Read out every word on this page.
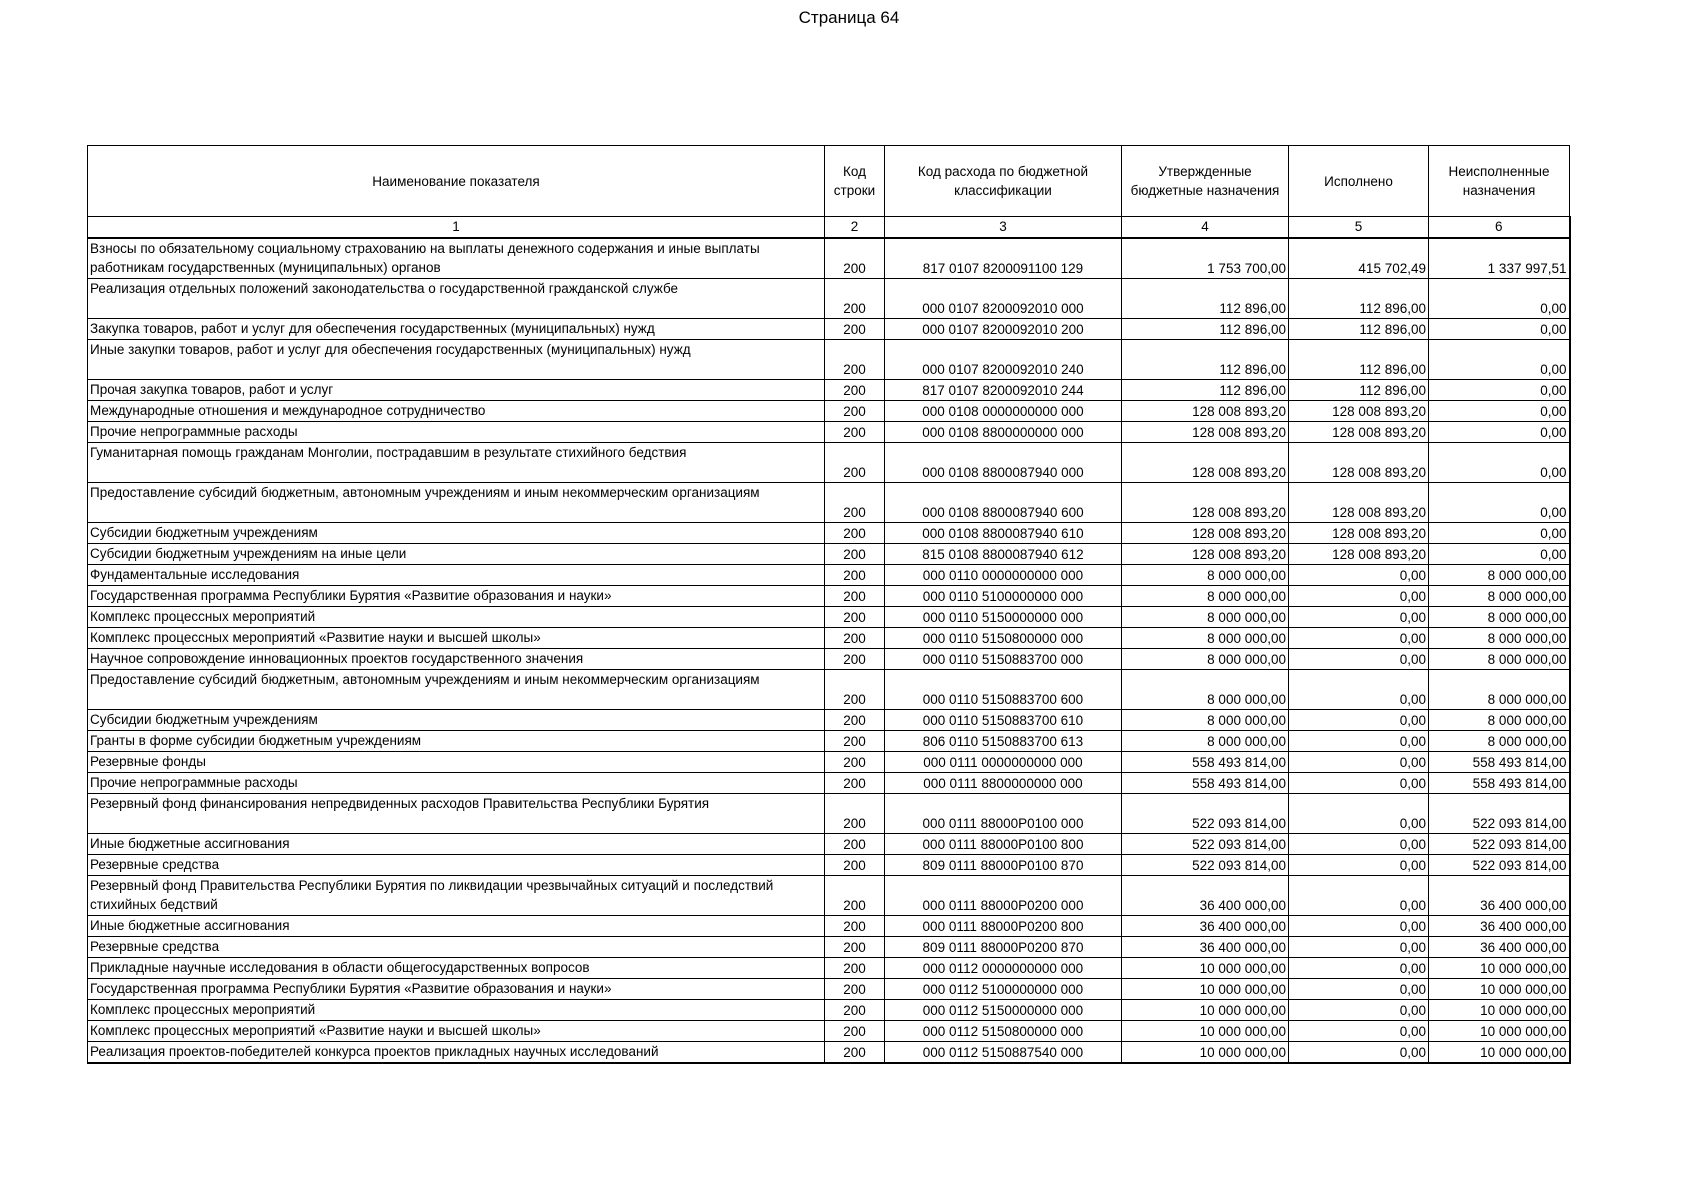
Страница 64
Наименование показателя	Код строки	Код расхода по бюджетной классификации	Утвержденные бюджетные назначения	Исполнено	Неисполненные назначения
1	2	3	4	5	6
Взносы по обязательному социальному страхованию на выплаты денежного содержания и иные выплаты работникам государственных (муниципальных) органов	200	817 0107 8200091100 129	1 753 700,00	415 702,49	1 337 997,51
Реализация отдельных положений законодательства о государственной гражданской службе	200	000 0107 8200092010 000	112 896,00	112 896,00	0,00
Закупка товаров, работ и услуг для обеспечения государственных (муниципальных) нужд	200	000 0107 8200092010 200	112 896,00	112 896,00	0,00
Иные закупки товаров, работ и услуг для обеспечения государственных (муниципальных) нужд	200	000 0107 8200092010 240	112 896,00	112 896,00	0,00
Прочая закупка товаров, работ и услуг	200	817 0107 8200092010 244	112 896,00	112 896,00	0,00
Международные отношения и международное сотрудничество	200	000 0108 0000000000 000	128 008 893,20	128 008 893,20	0,00
Прочие непрограммные расходы	200	000 0108 8800000000 000	128 008 893,20	128 008 893,20	0,00
Гуманитарная помощь гражданам Монголии, пострадавшим в результате стихийного бедствия	200	000 0108 8800087940 000	128 008 893,20	128 008 893,20	0,00
Предоставление субсидий бюджетным, автономным учреждениям и иным некоммерческим организациям	200	000 0108 8800087940 600	128 008 893,20	128 008 893,20	0,00
Субсидии бюджетным учреждениям	200	000 0108 8800087940 610	128 008 893,20	128 008 893,20	0,00
Субсидии бюджетным учреждениям на иные цели	200	815 0108 8800087940 612	128 008 893,20	128 008 893,20	0,00
Фундаментальные исследования	200	000 0110 0000000000 000	8 000 000,00	0,00	8 000 000,00
Государственная программа Республики Бурятия «Развитие образования и науки»	200	000 0110 5100000000 000	8 000 000,00	0,00	8 000 000,00
Комплекс процессных мероприятий	200	000 0110 5150000000 000	8 000 000,00	0,00	8 000 000,00
Комплекс процессных мероприятий «Развитие науки и высшей школы»	200	000 0110 5150800000 000	8 000 000,00	0,00	8 000 000,00
Научное сопровождение инновационных проектов государственного значения	200	000 0110 5150883700 000	8 000 000,00	0,00	8 000 000,00
Предоставление субсидий бюджетным, автономным учреждениям и иным некоммерческим организациям	200	000 0110 5150883700 600	8 000 000,00	0,00	8 000 000,00
Субсидии бюджетным учреждениям	200	000 0110 5150883700 610	8 000 000,00	0,00	8 000 000,00
Гранты в форме субсидии бюджетным учреждениям	200	806 0110 5150883700 613	8 000 000,00	0,00	8 000 000,00
Резервные фонды	200	000 0111 0000000000 000	558 493 814,00	0,00	558 493 814,00
Прочие непрограммные расходы	200	000 0111 8800000000 000	558 493 814,00	0,00	558 493 814,00
Резервный фонд финансирования непредвиденных расходов Правительства Республики Бурятия	200	000 0111 88000Р0100 000	522 093 814,00	0,00	522 093 814,00
Иные бюджетные ассигнования	200	000 0111 88000Р0100 800	522 093 814,00	0,00	522 093 814,00
Резервные средства	200	809 0111 88000Р0100 870	522 093 814,00	0,00	522 093 814,00
Резервный фонд Правительства Республики Бурятия по ликвидации чрезвычайных ситуаций и последствий стихийных бедствий	200	000 0111 88000Р0200 000	36 400 000,00	0,00	36 400 000,00
Иные бюджетные ассигнования	200	000 0111 88000Р0200 800	36 400 000,00	0,00	36 400 000,00
Резервные средства	200	809 0111 88000Р0200 870	36 400 000,00	0,00	36 400 000,00
Прикладные научные исследования в области общегосударственных вопросов	200	000 0112 0000000000 000	10 000 000,00	0,00	10 000 000,00
Государственная программа Республики Бурятия «Развитие образования и науки»	200	000 0112 5100000000 000	10 000 000,00	0,00	10 000 000,00
Комплекс процессных мероприятий	200	000 0112 5150000000 000	10 000 000,00	0,00	10 000 000,00
Комплекс процессных мероприятий «Развитие науки и высшей школы»	200	000 0112 5150800000 000	10 000 000,00	0,00	10 000 000,00
Реализация проектов-победителей конкурса проектов прикладных научных исследований	200	000 0112 5150887540 000	10 000 000,00	0,00	10 000 000,00
